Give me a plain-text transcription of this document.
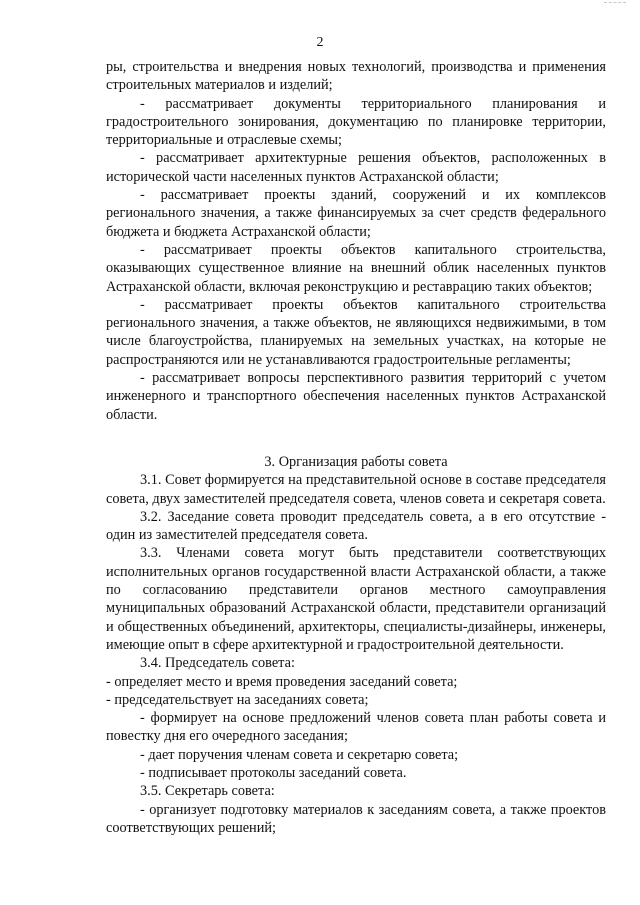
2

ры, строительства и внедрения новых технологий, производства и применения строительных материалов и изделий;

- рассматривает документы территориального планирования и градостроительного зонирования, документацию по планировке территории, территориальные и отраслевые схемы;

- рассматривает архитектурные решения объектов, расположенных в исторической части населенных пунктов Астраханской области;

- рассматривает проекты зданий, сооружений и их комплексов регионального значения, а также финансируемых за счет средств федерального бюджета и бюджета Астраханской области;

- рассматривает проекты объектов капитального строительства, оказывающих существенное влияние на внешний облик населенных пунктов Астраханской области, включая реконструкцию и реставрацию таких объектов;

- рассматривает проекты объектов капитального строительства регионального значения, а также объектов, не являющихся недвижимыми, в том числе благоустройства, планируемых на земельных участках, на которые не распространяются или не устанавливаются градостроительные регламенты;

- рассматривает вопросы перспективного развития территорий с учетом инженерного и транспортного обеспечения населенных пунктов Астраханской области.

3. Организация работы совета

3.1. Совет формируется на представительной основе в составе председателя совета, двух заместителей председателя совета, членов совета и секретаря совета.

3.2. Заседание совета проводит председатель совета, а в его отсутствие - один из заместителей председателя совета.

3.3. Членами совета могут быть представители соответствующих исполнительных органов государственной власти Астраханской области, а также по согласованию представители органов местного самоуправления муниципальных образований Астраханской области, представители организаций и общественных объединений, архитекторы, специалисты-дизайнеры, инженеры, имеющие опыт в сфере архитектурной и градостроительной деятельности.

3.4. Председатель совета:

- определяет место и время проведения заседаний совета;

- председательствует на заседаниях совета;

- формирует на основе предложений членов совета план работы совета и повестку дня его очередного заседания;

- дает поручения членам совета и секретарю совета;

- подписывает протоколы заседаний совета.

3.5. Секретарь совета:

- организует подготовку материалов к заседаниям совета, а также проектов соответствующих решений;
